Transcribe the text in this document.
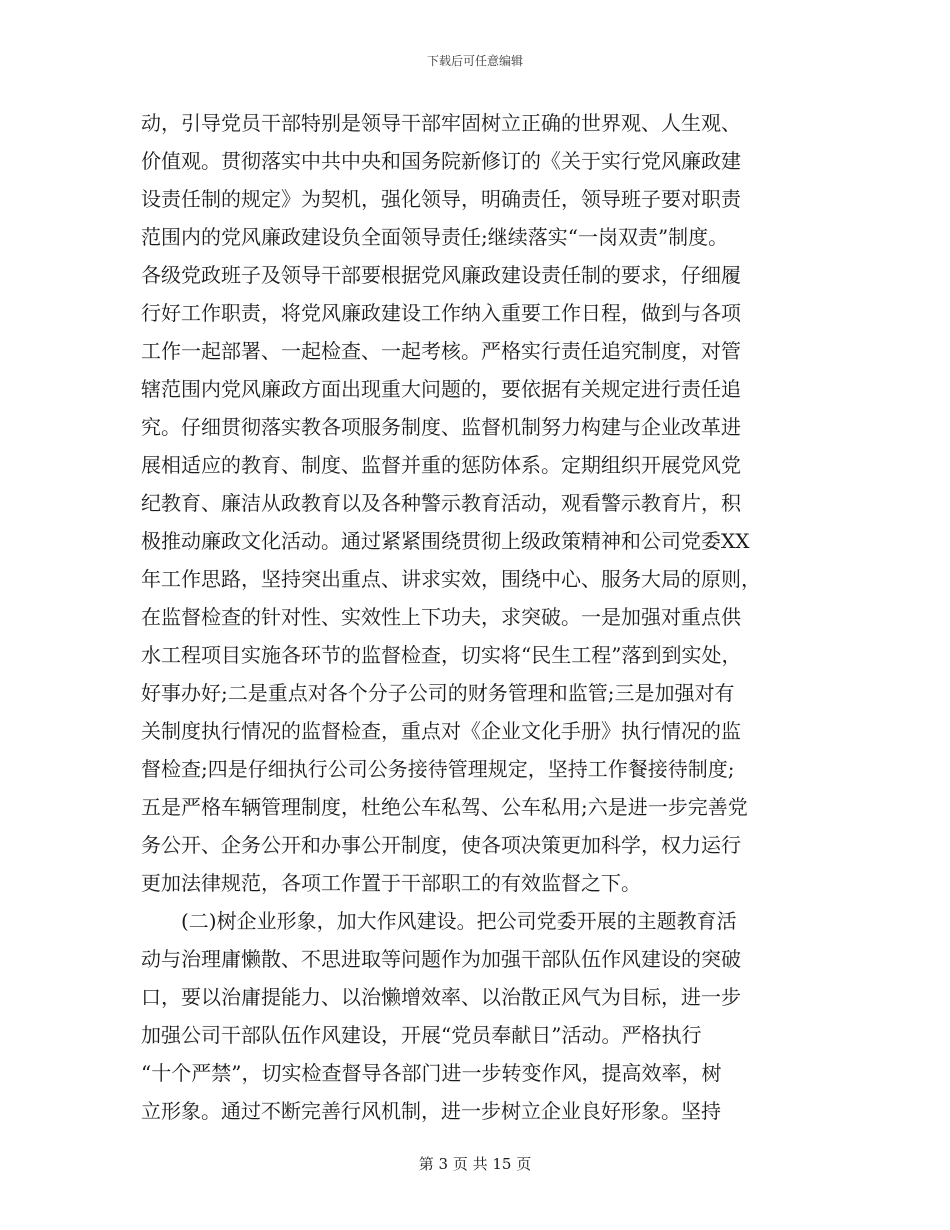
下载后可任意编辑
动，引导党员干部特别是领导干部牢固树立正确的世界观、人生观、
价值观。贯彻落实中共中央和国务院新修订的《关于实行党风廉政建
设责任制的规定》为契机，强化领导，明确责任，领导班子要对职责
范围内的党风廉政建设负全面领导责任;继续落实“一岗双责”制度。
各级党政班子及领导干部要根据党风廉政建设责任制的要求，仔细履
行好工作职责，将党风廉政建设工作纳入重要工作日程，做到与各项
工作一起部署、一起检查、一起考核。严格实行责任追究制度，对管
辖范围内党风廉政方面出现重大问题的，要依据有关规定进行责任追
究。仔细贯彻落实教各项服务制度、监督机制努力构建与企业改革进
展相适应的教育、制度、监督并重的惩防体系。定期组织开展党风党
纪教育、廉洁从政教育以及各种警示教育活动，观看警示教育片，积
极推动廉政文化活动。通过紧紧围绕贯彻上级政策精神和公司党委XX
年工作思路，坚持突出重点、讲求实效，围绕中心、服务大局的原则，
在监督检查的针对性、实效性上下功夫，求突破。一是加强对重点供
水工程项目实施各环节的监督检查，切实将“民生工程”落到到实处，
好事办好;二是重点对各个分子公司的财务管理和监管;三是加强对有
关制度执行情况的监督检查，重点对《企业文化手册》执行情况的监
督检查;四是仔细执行公司公务接待管理规定，坚持工作餐接待制度;
五是严格车辆管理制度，杜绝公车私驾、公车私用;六是进一步完善党
务公开、企务公开和办事公开制度，使各项决策更加科学，权力运行
更加法律规范，各项工作置于干部职工的有效监督之下。
　　(二)树企业形象，加大作风建设。把公司党委开展的主题教育活
动与治理庸懒散、不思进取等问题作为加强干部队伍作风建设的突破
口，要以治庸提能力、以治懒增效率、以治散正风气为目标，进一步
加强公司干部队伍作风建设，开展“党员奉献日”活动。严格执行
“十个严禁”，切实检查督导各部门进一步转变作风，提高效率，树
立形象。通过不断完善行风机制，进一步树立企业良好形象。坚持
第 3 页 共 15 页
